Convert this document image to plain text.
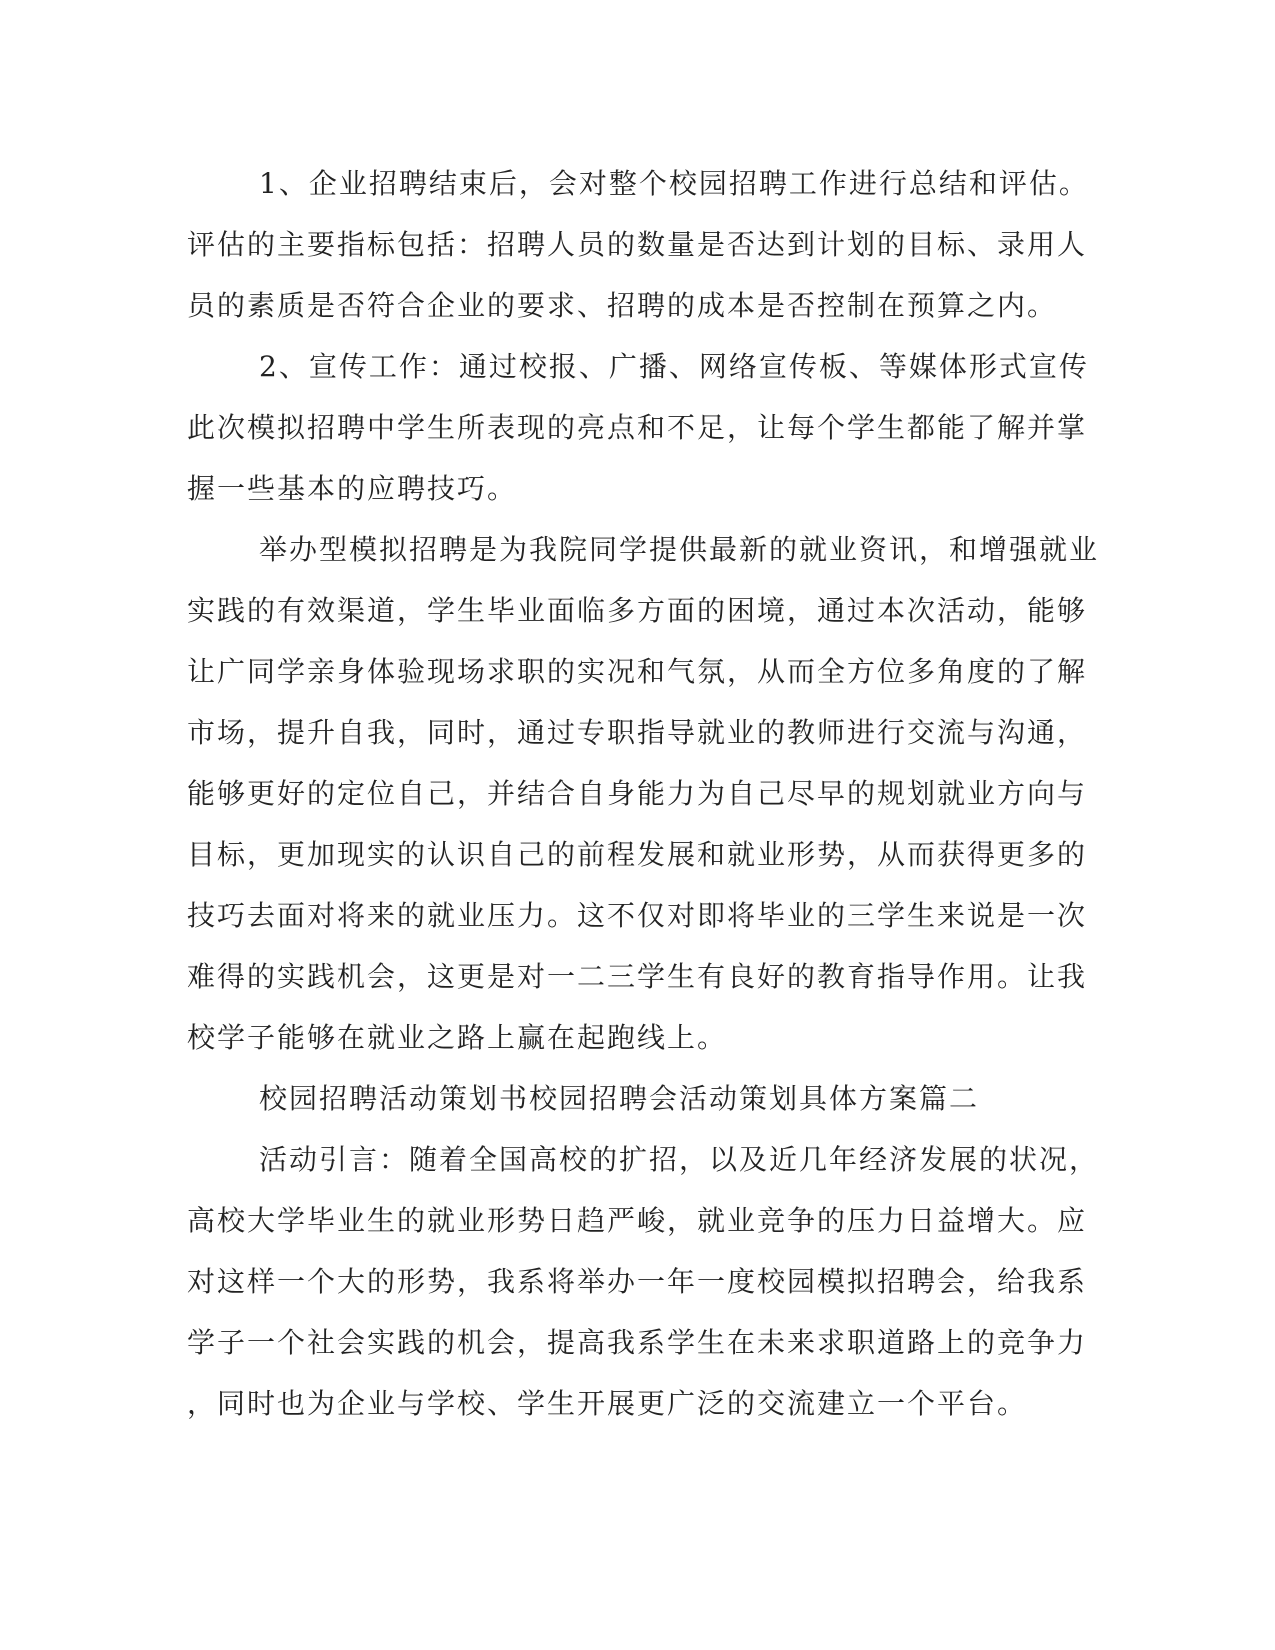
1、企业招聘结束后，会对整个校园招聘工作进行总结和评估。
评估的主要指标包括：招聘人员的数量是否达到计划的目标、录用人
员的素质是否符合企业的要求、招聘的成本是否控制在预算之内。
2、宣传工作：通过校报、广播、网络宣传板、等媒体形式宣传
此次模拟招聘中学生所表现的亮点和不足，让每个学生都能了解并掌
握一些基本的应聘技巧。
举办型模拟招聘是为我院同学提供最新的就业资讯，和增强就业
实践的有效渠道，学生毕业面临多方面的困境，通过本次活动，能够
让广同学亲身体验现场求职的实况和气氛，从而全方位多角度的了解
市场，提升自我，同时，通过专职指导就业的教师进行交流与沟通，
能够更好的定位自己，并结合自身能力为自己尽早的规划就业方向与
目标，更加现实的认识自己的前程发展和就业形势，从而获得更多的
技巧去面对将来的就业压力。这不仅对即将毕业的三学生来说是一次
难得的实践机会，这更是对一二三学生有良好的教育指导作用。让我
校学子能够在就业之路上赢在起跑线上。
校园招聘活动策划书校园招聘会活动策划具体方案篇二
活动引言：随着全国高校的扩招，以及近几年经济发展的状况，
高校大学毕业生的就业形势日趋严峻，就业竞争的压力日益增大。应
对这样一个大的形势，我系将举办一年一度校园模拟招聘会，给我系
学子一个社会实践的机会，提高我系学生在未来求职道路上的竞争力
，同时也为企业与学校、学生开展更广泛的交流建立一个平台。
